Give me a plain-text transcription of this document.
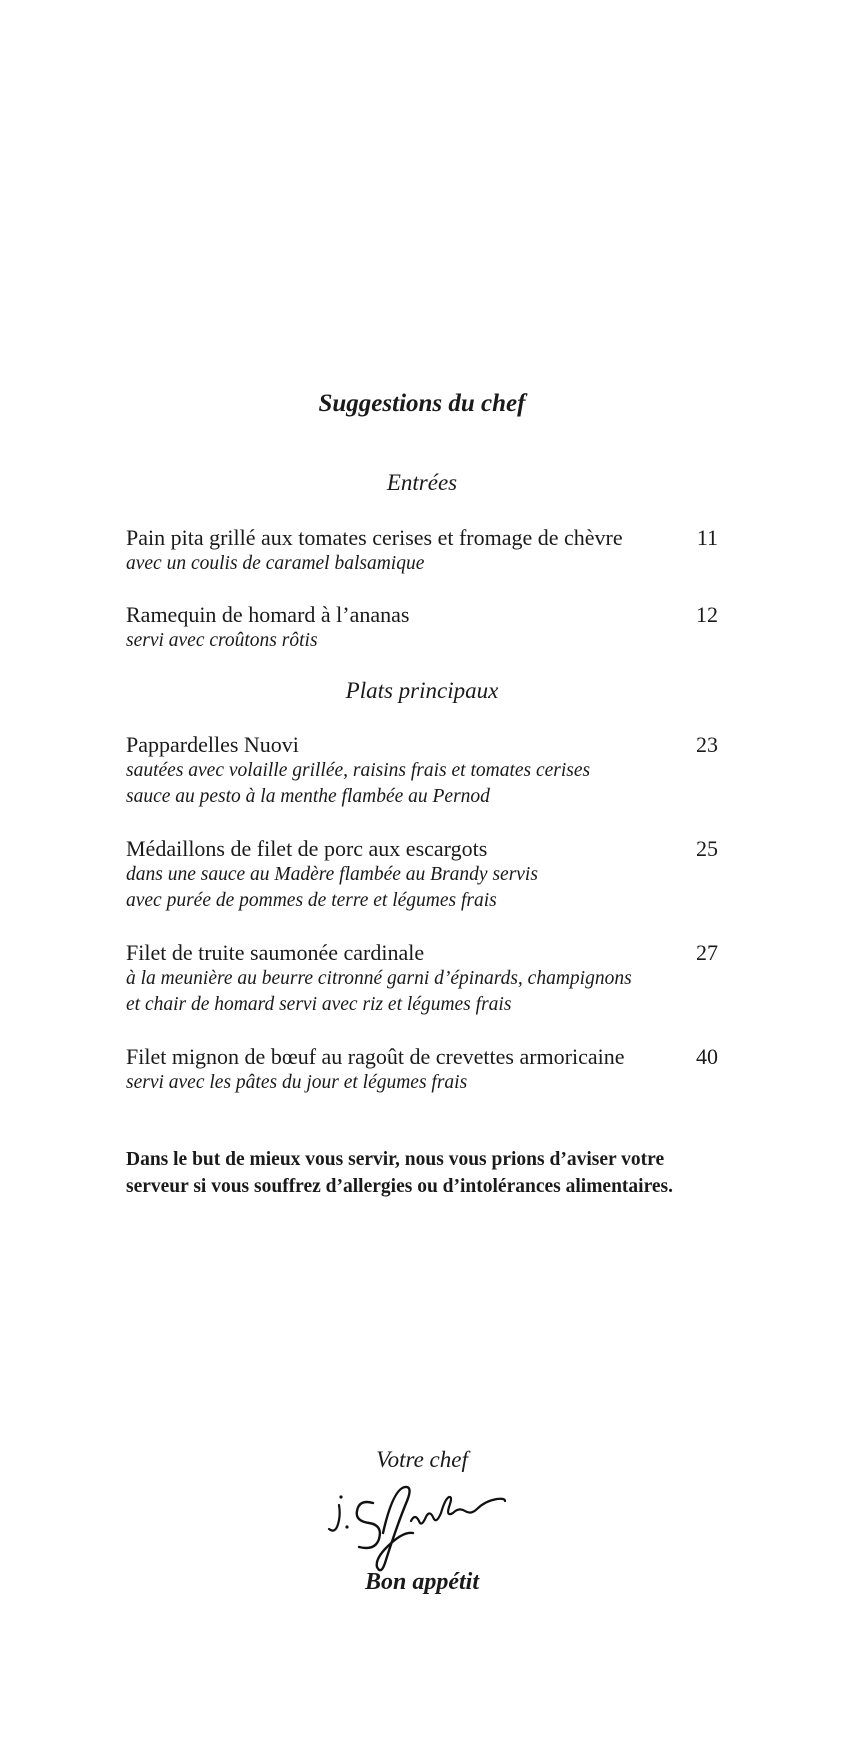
Suggestions du chef
Entrées
Pain pita grillé aux tomates cerises et fromage de chèvre	11
avec un coulis de caramel balsamique
Ramequin de homard à l’ananas	12
servi avec croûtons rôtis
Plats principaux
Pappardelles Nuovi	23
sautées avec volaille grillée, raisins frais et tomates cerises
sauce au pesto à la menthe flambée au Pernod
Médaillons de filet de porc aux escargots	25
dans une sauce au Madère flambée au Brandy servis
avec purée de pommes de terre et légumes frais
Filet de truite saumonée cardinale	27
à la meunière au beurre citronné garni d’épinards, champignons
et chair de homard servi avec riz et légumes frais
Filet mignon de bœuf au ragoût de crevettes armoricaine	40
servi avec les pâtes du jour et légumes frais
Dans le but de mieux vous servir, nous vous prions d’aviser votre
serveur si vous souffrez d’allergies ou d’intolérances alimentaires.
Votre chef
Bon appétit
